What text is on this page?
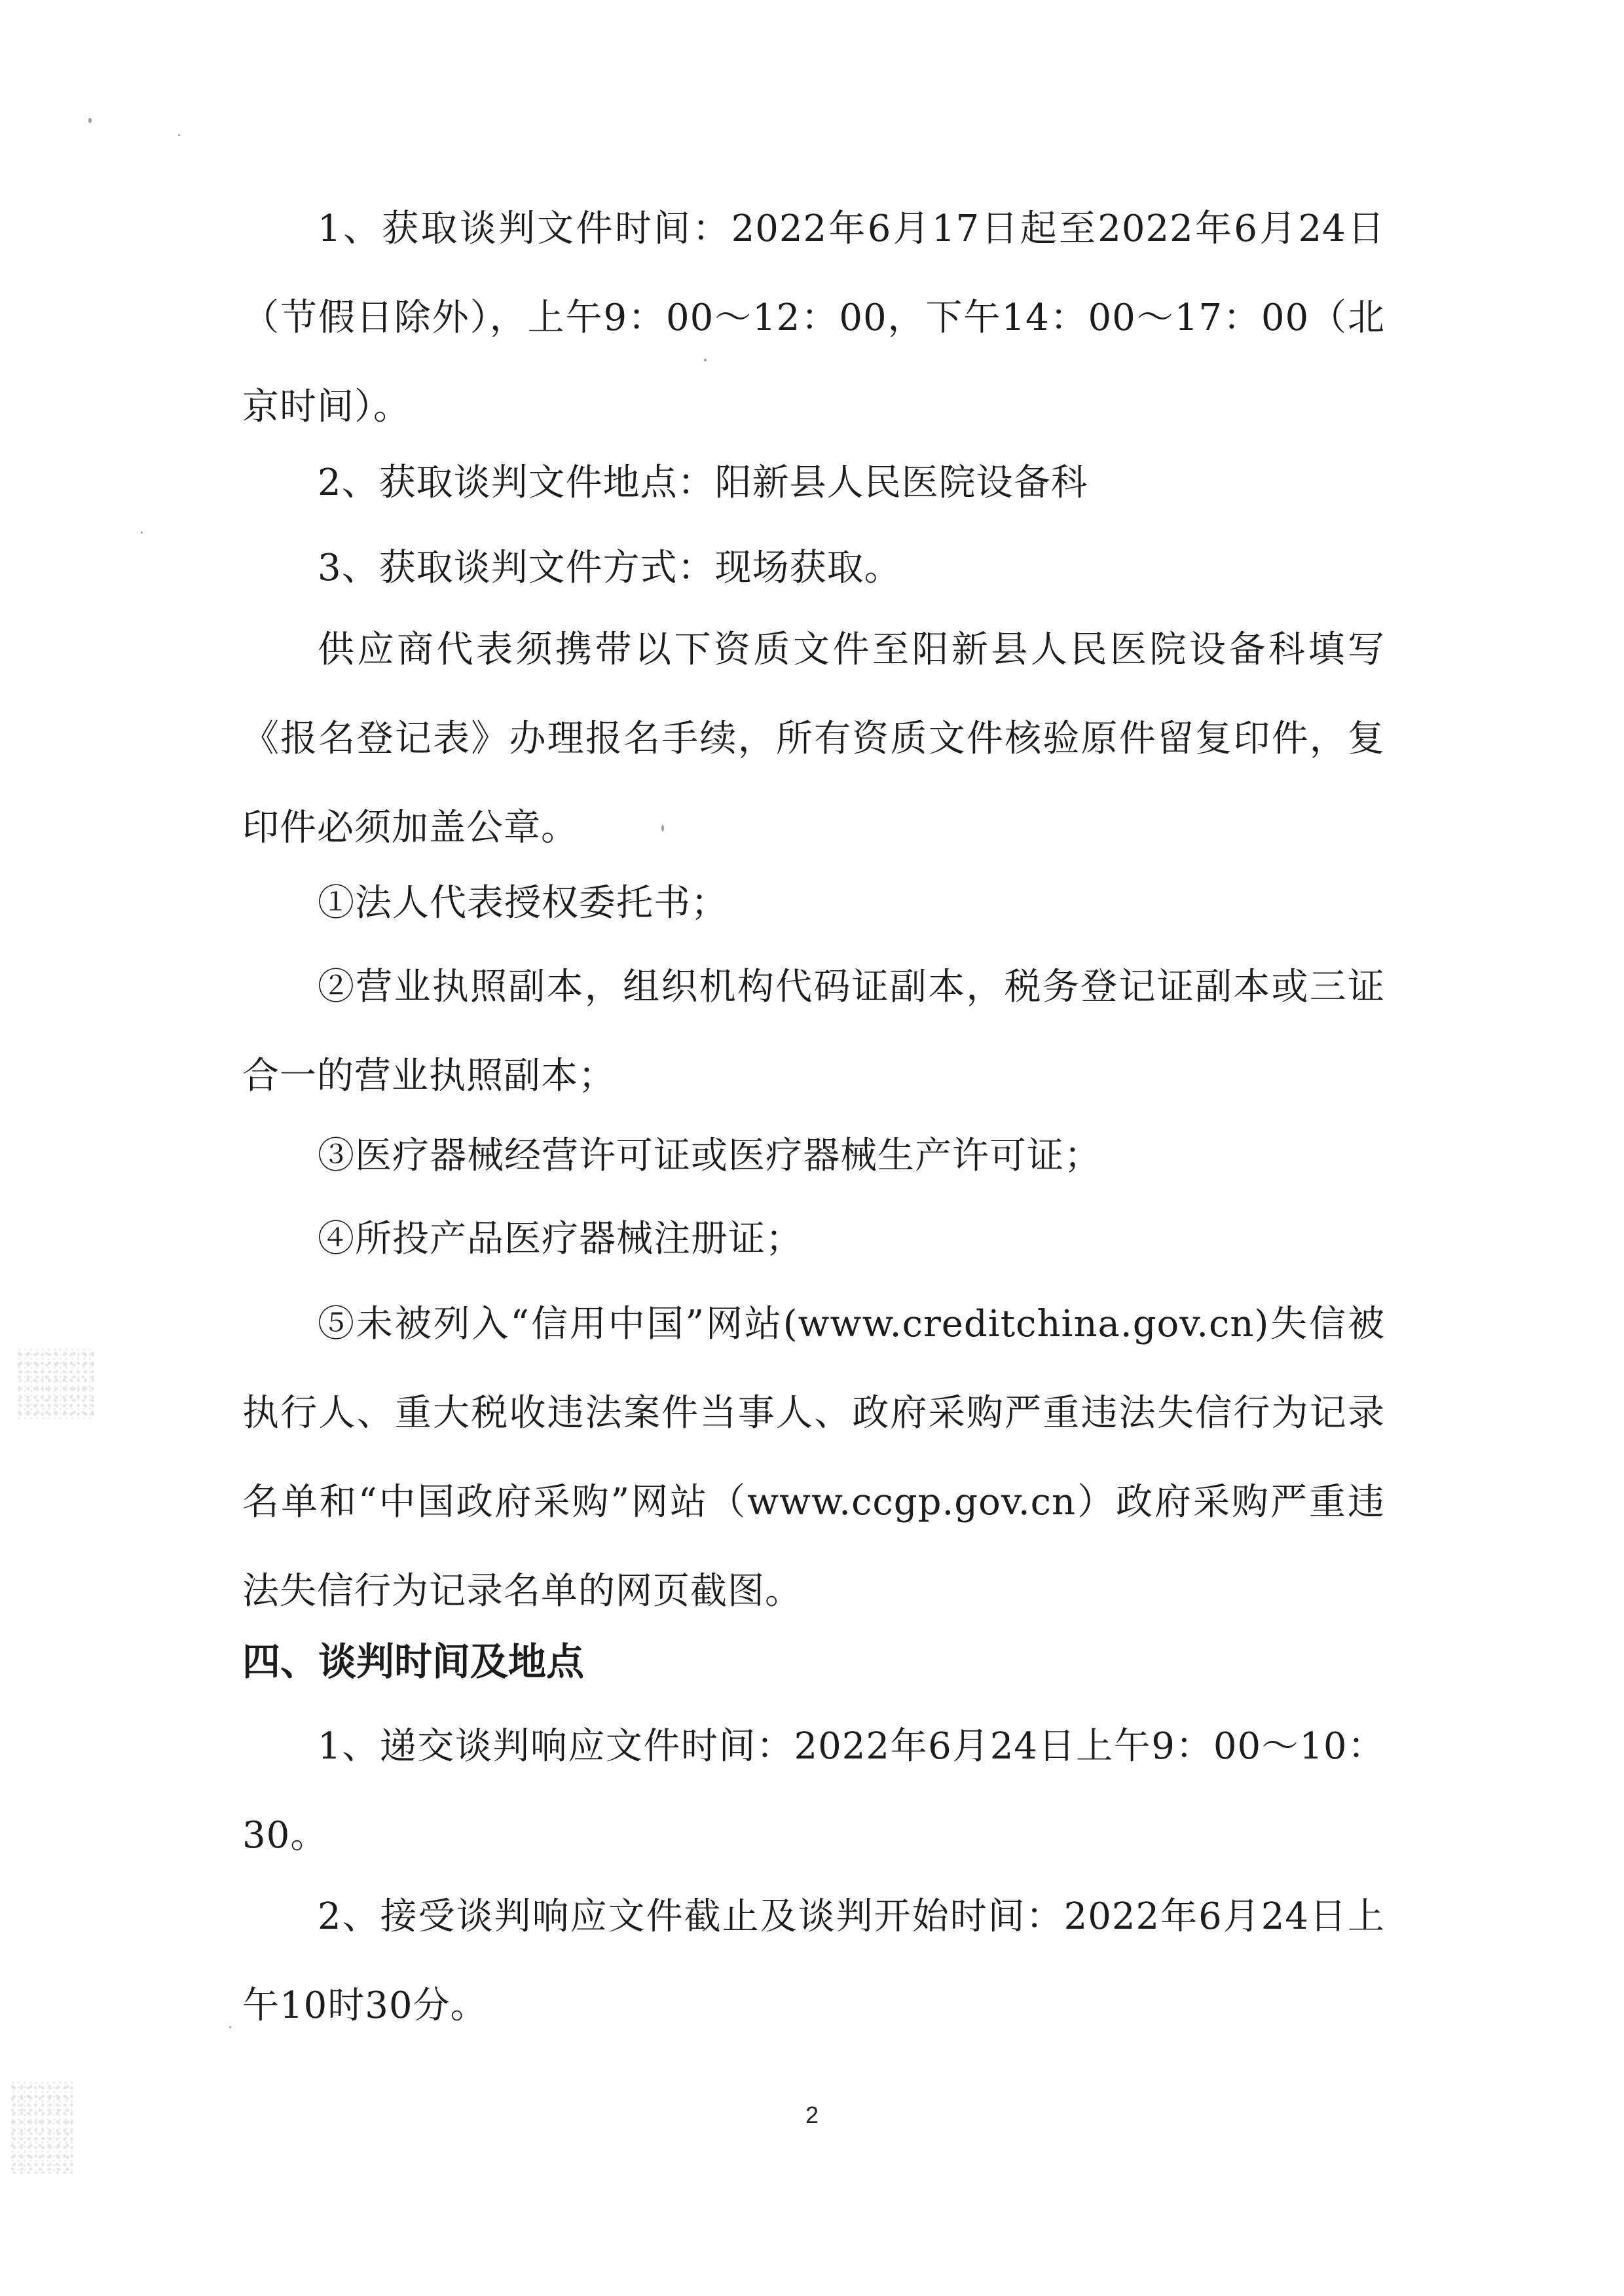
1、获取谈判文件时间：2022年6月17日起至2022年6月24日（节假日除外），上午9：00～12：00，下午14：00～17：00（北京时间）。

2、获取谈判文件地点：阳新县人民医院设备科

3、获取谈判文件方式：现场获取。

供应商代表须携带以下资质文件至阳新县人民医院设备科填写《报名登记表》办理报名手续，所有资质文件核验原件留复印件，复印件必须加盖公章。

①法人代表授权委托书；

②营业执照副本，组织机构代码证副本，税务登记证副本或三证合一的营业执照副本；

③医疗器械经营许可证或医疗器械生产许可证；

④所投产品医疗器械注册证；

⑤未被列入“信用中国”网站(www.creditchina.gov.cn)失信被执行人、重大税收违法案件当事人、政府采购严重违法失信行为记录名单和“中国政府采购”网站（www.ccgp.gov.cn）政府采购严重违法失信行为记录名单的网页截图。

四、谈判时间及地点

1、递交谈判响应文件时间：2022年6月24日上午9：00～10：30。

2、接受谈判响应文件截止及谈判开始时间：2022年6月24日上午10时30分。

2
